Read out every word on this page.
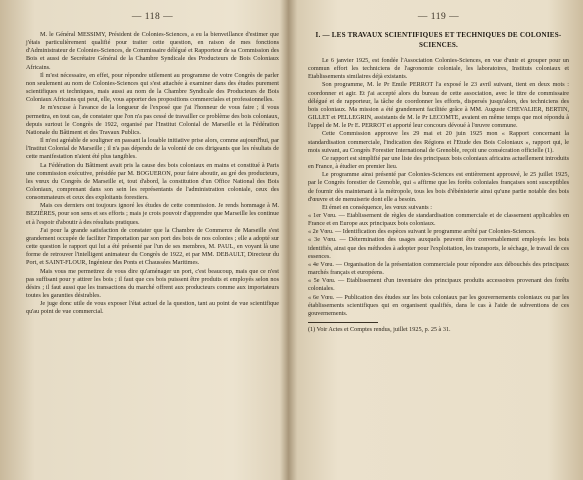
— 118 —

M. le Général MESSIMY, Président de Colonies-Sciences, a eu la bienveillance d'estimer que j'étais particulièrement qualifié pour traiter cette question, en raison de mes fonctions d'Administrateur de Colonies-Sciences, de Commissaire délégué et Rapporteur de sa Commission des Bois et aussi de Secrétaire Général de la Chambre Syndicale des Producteurs de Bois Coloniaux Africains.

Il m'est nécessaire, en effet, pour répondre utilement au programme de votre Congrès de parler non seulement au nom de Colonies-Sciences qui s'est attachée à examiner dans des études purement scientifiques et techniques, mais aussi au nom de la Chambre Syndicale des Producteurs de Bois Coloniaux Africains qui peut, elle, vous apporter des propositions commerciales et professionnelles.

Je m'excuse à l'avance de la longueur de l'exposé que j'ai l'honneur de vous faire ; il vous permettra, en tout cas, de constater que l'on n'a pas cessé de travailler ce problème des bois coloniaux, depuis surtout le Congrès de 1922, organisé par l'Institut Colonial de Marseille et la Fédération Nationale du Bâtiment et des Travaux Publics.

Il m'est agréable de souligner en passant la louable initiative prise alors, comme aujourd'hui, par l'Institut Colonial de Marseille ; il n'a pas dépendu de la volonté de ces dirigeants que les résultats de cette manifestation n'aient été plus tangibles.

La Fédération du Bâtiment avait pris la cause des bois coloniaux en mains et constitué à Paris une commission exécutive, présidée par M. BOGUERON, pour faire aboutir, au gré des producteurs, les vœux du Congrès de Marseille et, tout d'abord, la constitution d'un Office National des Bois Coloniaux, comprenant dans son sein les représentants de l'administration coloniale, ceux des consommateurs et ceux des exploitants forestiers.

Mais ces derniers ont toujours ignoré les études de cette commission. Je rends hommage à M. BEZIÈRES, pour son sens et ses efforts ; mais je crois pouvoir d'apprendre que Marseille les continue et à l'espoir d'aboutir à des résultats pratiques.

J'ai pour la grande satisfaction de constater que la Chambre de Commerce de Marseille s'est grandement occupée de faciliter l'importation par son port des bois de nos colonies ; elle a adopté sur cette question le rapport qui lui a été présenté par l'un de ses membres, M. PAUL, en voyant là une forme de retrouver l'intelligent animateur du Congrès de 1922, et par MM. DEBAULT, Directeur du Port, et SAINT-FLOUR, Ingénieur des Ponts et Chaussées Maritimes.

Mais vous me permettrez de vous dire qu'aménager un port, c'est beaucoup, mais que ce n'est pas suffisant pour y attirer les bois ; il faut que ces bois puissent être produits et employés selon nos désirs ; il faut aussi que les transactions du marché offrent aux producteurs comme aux importateurs toutes les garanties désirables.

Je juge donc utile de vous exposer l'état actuel de la question, tant au point de vue scientifique qu'au point de vue commercial.

— 119 —
I. — LES TRAVAUX SCIENTIFIQUES ET TECHNIQUES DE COLONIES-SCIENCES.

Le 6 janvier 1925, est fondée l'Association Colonies-Sciences, en vue d'unir et grouper pour un commun effort les techniciens de l'agronomie coloniale, les laboratoires, Instituts coloniaux et Etablissements similaires déjà existants.

Son programme, M. le Pr Emile PERROT l'a exposé le 23 avril suivant, tient en deux mots : coordonner et agir. Et j'ai accepté alors du bureau de cette association, avec le titre de commissaire délégué et de rapporteur, la tâche de coordonner les efforts, dispersés jusqu'alors, des techniciens des bois coloniaux. Ma mission a été grandement facilitée grâce à MM. Auguste CHEVALIER, BERTIN, GILLET et PELLEGRIN, assistants de M. le Pr LECOMTE, avaient en même temps que moi répondu à l'appel de M. le Pr E. PERROT et apporté leur concours dévoué à l'œuvre commune.

Cette Commission approuve les 29 mai et 20 juin 1925 mon « Rapport concernant la standardisation commerciale, l'indication des Régions et l'Etude des Bois Coloniaux », rapport qui, le mois suivant, au Congrès Forestier International de Grenoble, reçoit une consécration officielle (1).

Ce rapport est simplifié par une liste des principaux bois coloniaux africains actuellement introduits en France, à étudier en premier lieu.

Le programme ainsi présenté par Colonies-Sciences est entièrement approuvé, le 25 juillet 1925, par le Congrès forestier de Grenoble, qui « affirme que les forêts coloniales françaises sont susceptibles de fournir dès maintenant à la métropole, tous les bois d'ébénisterie ainsi qu'une partie notable des bois d'œuvre et de menuiserie dont elle a besoin.

Et émet en conséquence, les vœux suivants :

« 1er Vœu. — Etablissement de règles de standardisation commerciale et de classement applicables en France et en Europe aux principaux bois coloniaux.

« 2e Vœu. — Identification des espèces suivant le programme arrêté par Colonies-Sciences.

« 3e Vœu. — Détermination des usages auxquels peuvent être convenablement employés les bois identifiés, ainsi que des méthodes à adopter pour l'exploitation, les transports, le séchage, le travail de ces essences.

« 4e Vœu. — Organisation de la présentation commerciale pour répondre aux débouchés des principaux marchés français et européens.

« 5e Vœu. — Etablissement d'un inventaire des principaux produits accessoires provenant des forêts coloniales.

« 6e Vœu. — Publication des études sur les bois coloniaux par les gouvernements coloniaux ou par les établissements scientifiques qui en organisent qualifiés, dans le cas à l'aide de subventions de ces gouvernements.

(1) Voir Actes et Comptes rendus, juillet 1925, p. 25 à 31.
